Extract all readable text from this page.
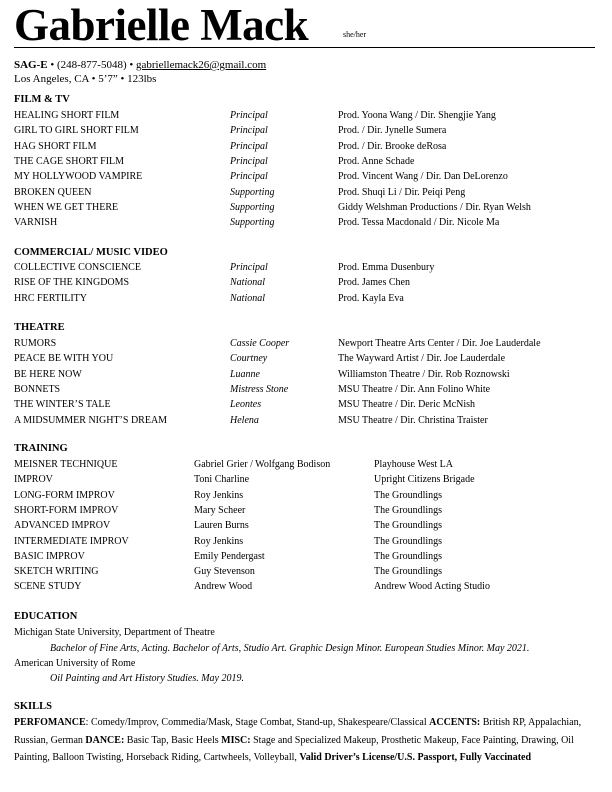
Gabrielle Mack	she/her
SAG-E • (248-877-5048) • gabriellemack26@gmail.com
Los Angeles, CA • 5’7” • 123lbs
FILM & TV
HEALING SHORT FILM	Principal	Prod. Yoona Wang / Dir. Shengjie Yang
GIRL TO GIRL SHORT FILM	Principal	Prod. / Dir. Jynelle Sumera
HAG SHORT FILM	Principal	Prod. / Dir. Brooke deRosa
THE CAGE SHORT FILM	Principal	Prod. Anne Schade
MY HOLLYWOOD VAMPIRE	Principal	Prod. Vincent Wang / Dir. Dan DeLorenzo
BROKEN QUEEN	Supporting	Prod. Shuqi Li / Dir. Peiqi Peng
WHEN WE GET THERE	Supporting	Giddy Welshman Productions / Dir. Ryan Welsh
VARNISH	Supporting	Prod. Tessa Macdonald / Dir. Nicole Ma
COMMERCIAL/ MUSIC VIDEO
COLLECTIVE CONSCIENCE	Principal	Prod. Emma Dusenbury
RISE OF THE KINGDOMS	National	Prod. James Chen
HRC FERTILITY	National	Prod. Kayla Eva
THEATRE
RUMORS	Cassie Cooper	Newport Theatre Arts Center / Dir. Joe Lauderdale
PEACE BE WITH YOU	Courtney	The Wayward Artist / Dir. Joe Lauderdale
BE HERE NOW	Luanne	Williamston Theatre / Dir. Rob Roznowski
BONNETS	Mistress Stone	MSU Theatre / Dir. Ann Folino White
THE WINTER’S TALE	Leontes	MSU Theatre / Dir. Deric McNish
A MIDSUMMER NIGHT’S DREAM	Helena	MSU Theatre / Dir. Christina Traister
TRAINING
MEISNER TECHNIQUE	Gabriel Grier / Wolfgang Bodison	Playhouse West LA
IMPROV	Toni Charline	Upright Citizens Brigade
LONG-FORM IMPROV	Roy Jenkins	The Groundlings
SHORT-FORM IMPROV	Mary Scheer	The Groundlings
ADVANCED IMPROV	Lauren Burns	The Groundlings
INTERMEDIATE IMPROV	Roy Jenkins	The Groundlings
BASIC IMPROV	Emily Pendergast	The Groundlings
SKETCH WRITING	Guy Stevenson	The Groundlings
SCENE STUDY	Andrew Wood	Andrew Wood Acting Studio
EDUCATION
Michigan State University, Department of Theatre
Bachelor of Fine Arts, Acting. Bachelor of Arts, Studio Art. Graphic Design Minor. European Studies Minor. May 2021.
American University of Rome
Oil Painting and Art History Studies. May 2019.
SKILLS
PERFOMANCE: Comedy/Improv, Commedia/Mask, Stage Combat, Stand-up, Shakespeare/Classical ACCENTS: British RP, Appalachian, Russian, German DANCE: Basic Tap, Basic Heels MISC: Stage and Specialized Makeup, Prosthetic Makeup, Face Painting, Drawing, Oil Painting, Balloon Twisting, Horseback Riding, Cartwheels, Volleyball, Valid Driver’s License/U.S. Passport, Fully Vaccinated
